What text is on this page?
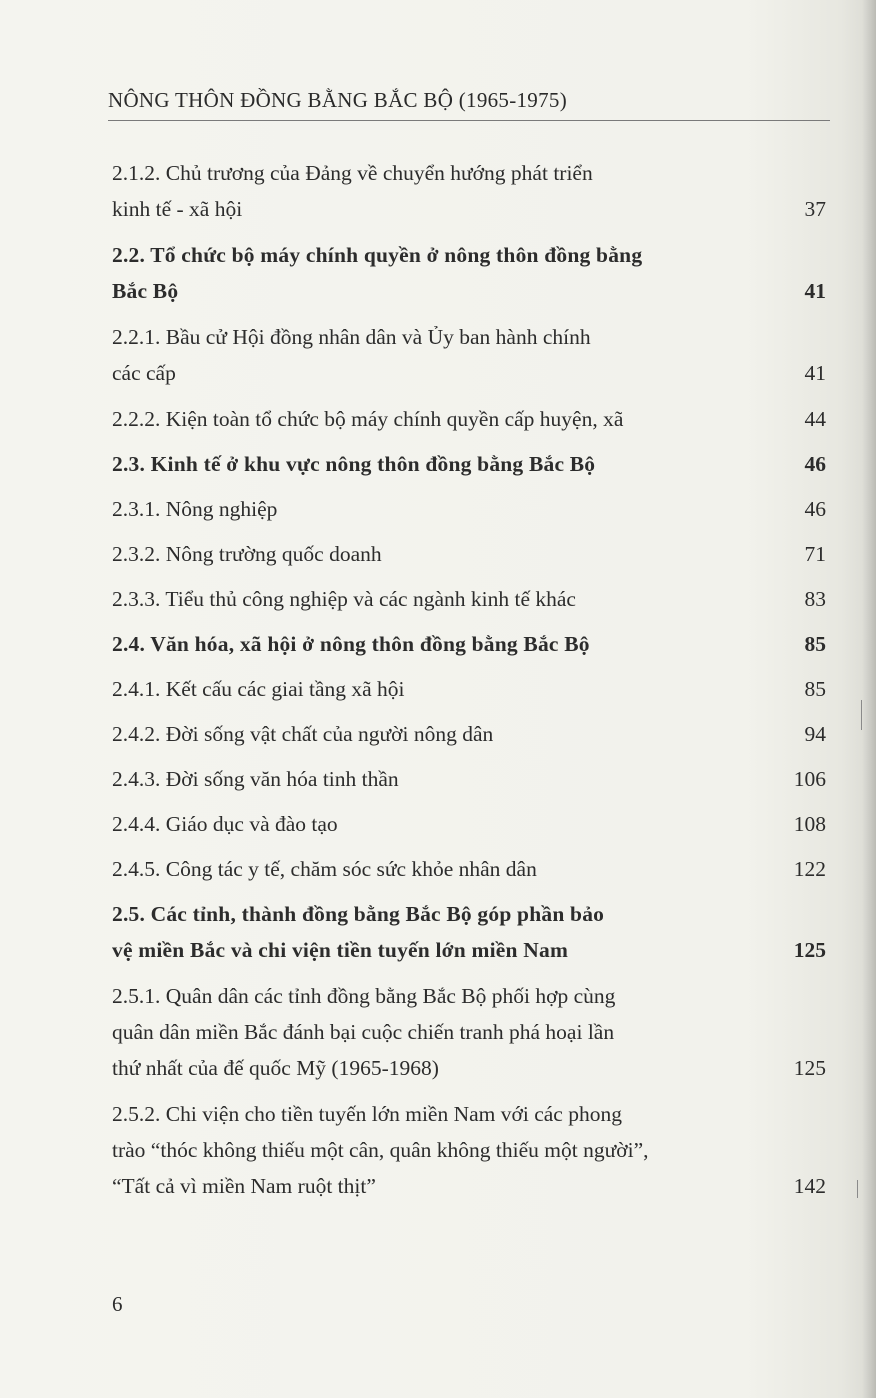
NÔNG THÔN ĐỒNG BẰNG BẮC BỘ (1965-1975)
2.1.2. Chủ trương của Đảng về chuyển hướng phát triển
kinh tế - xã hội	37
2.2. Tổ chức bộ máy chính quyền ở nông thôn đồng bằng
Bắc Bộ	41
2.2.1. Bầu cử Hội đồng nhân dân và Ủy ban hành chính
các cấp	41
2.2.2. Kiện toàn tổ chức bộ máy chính quyền cấp huyện, xã	44
2.3. Kinh tế ở khu vực nông thôn đồng bằng Bắc Bộ	46
2.3.1. Nông nghiệp	46
2.3.2. Nông trường quốc doanh	71
2.3.3. Tiểu thủ công nghiệp và các ngành kinh tế khác	83
2.4. Văn hóa, xã hội ở nông thôn đồng bằng Bắc Bộ	85
2.4.1. Kết cấu các giai tầng xã hội	85
2.4.2. Đời sống vật chất của người nông dân	94
2.4.3. Đời sống văn hóa tinh thần	106
2.4.4. Giáo dục và đào tạo	108
2.4.5. Công tác y tế, chăm sóc sức khỏe nhân dân	122
2.5. Các tỉnh, thành đồng bằng Bắc Bộ góp phần bảo
vệ miền Bắc và chi viện tiền tuyến lớn miền Nam	125
2.5.1. Quân dân các tỉnh đồng bằng Bắc Bộ phối hợp cùng
quân dân miền Bắc đánh bại cuộc chiến tranh phá hoại lần
thứ nhất của đế quốc Mỹ (1965-1968)	125
2.5.2. Chi viện cho tiền tuyến lớn miền Nam với các phong
trào “thóc không thiếu một cân, quân không thiếu một người”,
“Tất cả vì miền Nam ruột thịt”	142
6
